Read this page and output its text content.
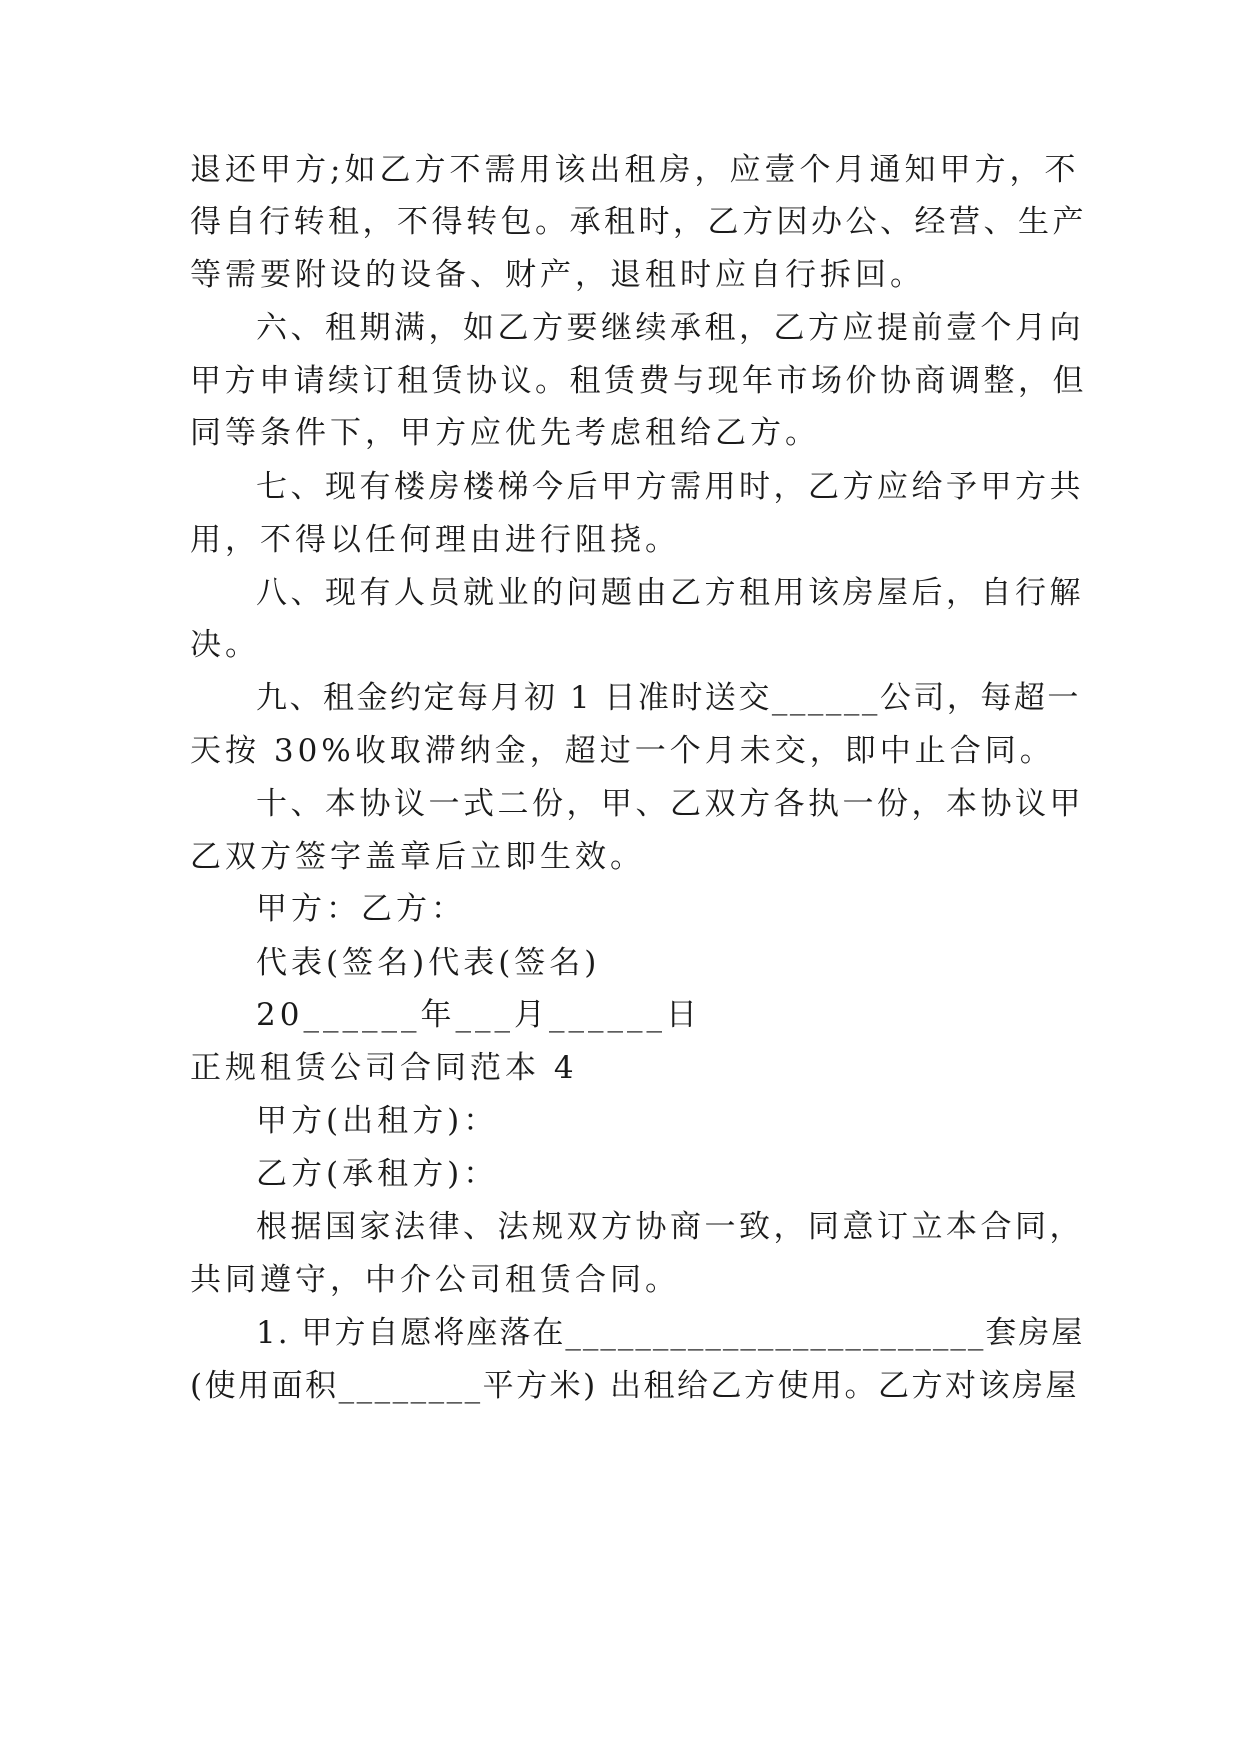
退还甲方;如乙方不需用该出租房，应壹个月通知甲方，不
得自行转租，不得转包。承租时，乙方因办公、经营、生产
等需要附设的设备、财产，退租时应自行拆回。
六、租期满，如乙方要继续承租，乙方应提前壹个月向
甲方申请续订租赁协议。租赁费与现年市场价协商调整，但
同等条件下，甲方应优先考虑租给乙方。
七、现有楼房楼梯今后甲方需用时，乙方应给予甲方共
用，不得以任何理由进行阻挠。
八、现有人员就业的问题由乙方租用该房屋后，自行解
决。
九、租金约定每月初 1 日准时送交______公司，每超一
天按 30%收取滞纳金，超过一个月未交，即中止合同。
十、本协议一式二份，甲、乙双方各执一份，本协议甲
乙双方签字盖章后立即生效。
甲方：乙方：
代表(签名)代表(签名)
20______年___月______日
正规租赁公司合同范本 4
甲方(出租方)：
乙方(承租方)：
根据国家法律、法规双方协商一致，同意订立本合同，
共同遵守，中介公司租赁合同。
1. 甲方自愿将座落在________________________套房屋
(使用面积________平方米) 出租给乙方使用。乙方对该房屋
